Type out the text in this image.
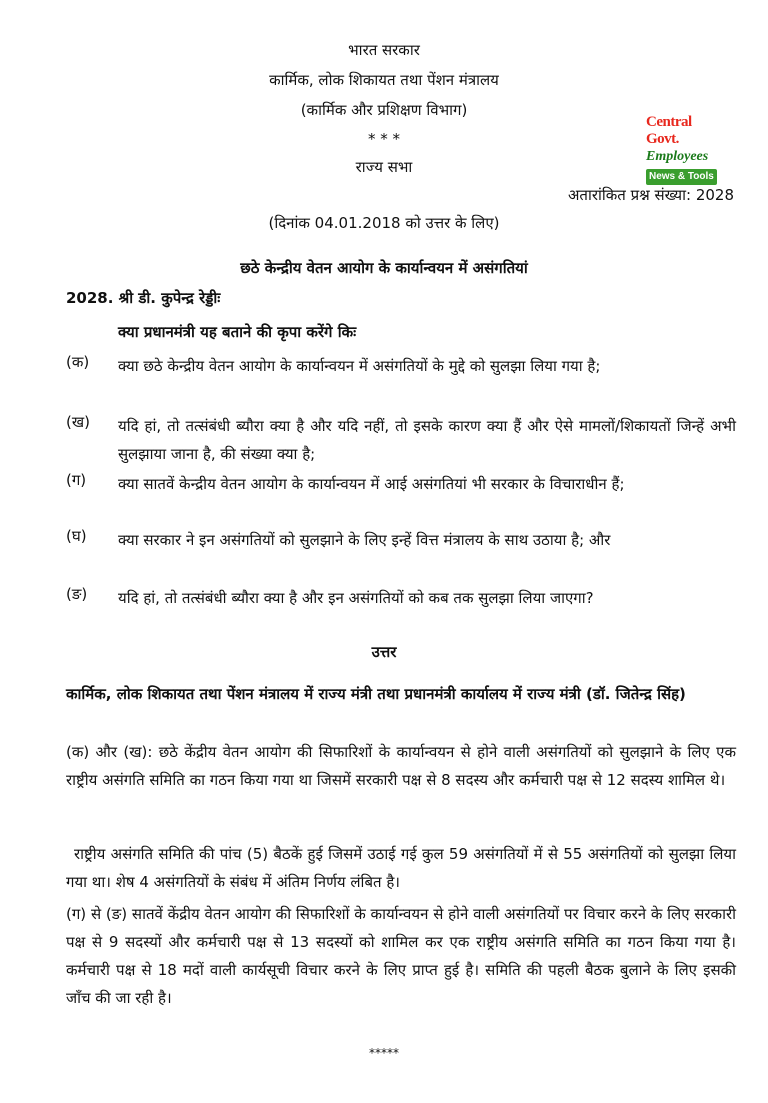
भारत सरकार
कार्मिक, लोक शिकायत तथा पेंशन मंत्रालय
(कार्मिक और प्रशिक्षण विभाग)
* * *
राज्य सभा
अतारांकित प्रश्न संख्या: 2028
(दिनांक 04.01.2018 को उत्तर के लिए)
Central Govt.
Employees
News & Tools
छठे केन्द्रीय वेतन आयोग के कार्यान्वयन में असंगतियां
2028. श्री डी. कुपेन्द्र रेड्डीः
क्या प्रधानमंत्री यह बताने की कृपा करेंगे किः
(क) क्या छठे केन्द्रीय वेतन आयोग के कार्यान्वयन में असंगतियों के मुद्दे को सुलझा लिया गया है;
(ख) यदि हां, तो तत्संबंधी ब्यौरा क्या है और यदि नहीं, तो इसके कारण क्या हैं और ऐसे मामलों/शिकायतों जिन्हें अभी सुलझाया जाना है, की संख्या क्या है;
(ग) क्या सातवें केन्द्रीय वेतन आयोग के कार्यान्वयन में आई असंगतियां भी सरकार के विचाराधीन हैं;
(घ) क्या सरकार ने इन असंगतियों को सुलझाने के लिए इन्हें वित्त मंत्रालय के साथ उठाया है; और
(ङ) यदि हां, तो तत्संबंधी ब्यौरा क्या है और इन असंगतियों को कब तक सुलझा लिया जाएगा?
उत्तर
कार्मिक, लोक शिकायत तथा पेंशन मंत्रालय में राज्य मंत्री तथा प्रधानमंत्री कार्यालय में राज्य मंत्री (डॉ. जितेन्द्र सिंह)
(क) और (ख): छठे केंद्रीय वेतन आयोग की सिफारिशों के कार्यान्वयन से होने वाली असंगतियों को सुलझाने के लिए एक राष्ट्रीय असंगति समिति का गठन किया गया था जिसमें सरकारी पक्ष से 8 सदस्य और कर्मचारी पक्ष से 12 सदस्य शामिल थे।
राष्ट्रीय असंगति समिति की पांच (5) बैठकें हुई जिसमें उठाई गई कुल 59 असंगतियों में से 55 असंगतियों को सुलझा लिया गया था। शेष 4 असंगतियों के संबंध में अंतिम निर्णय लंबित है।
(ग) से (ङ) सातवें केंद्रीय वेतन आयोग की सिफारिशों के कार्यान्वयन से होने वाली असंगतियों पर विचार करने के लिए सरकारी पक्ष से 9 सदस्यों और कर्मचारी पक्ष से 13 सदस्यों को शामिल कर एक राष्ट्रीय असंगति समिति का गठन किया गया है। कर्मचारी पक्ष से 18 मदों वाली कार्यसूची विचार करने के लिए प्राप्त हुई है। समिति की पहली बैठक बुलाने के लिए इसकी जाँच की जा रही है।
*****
